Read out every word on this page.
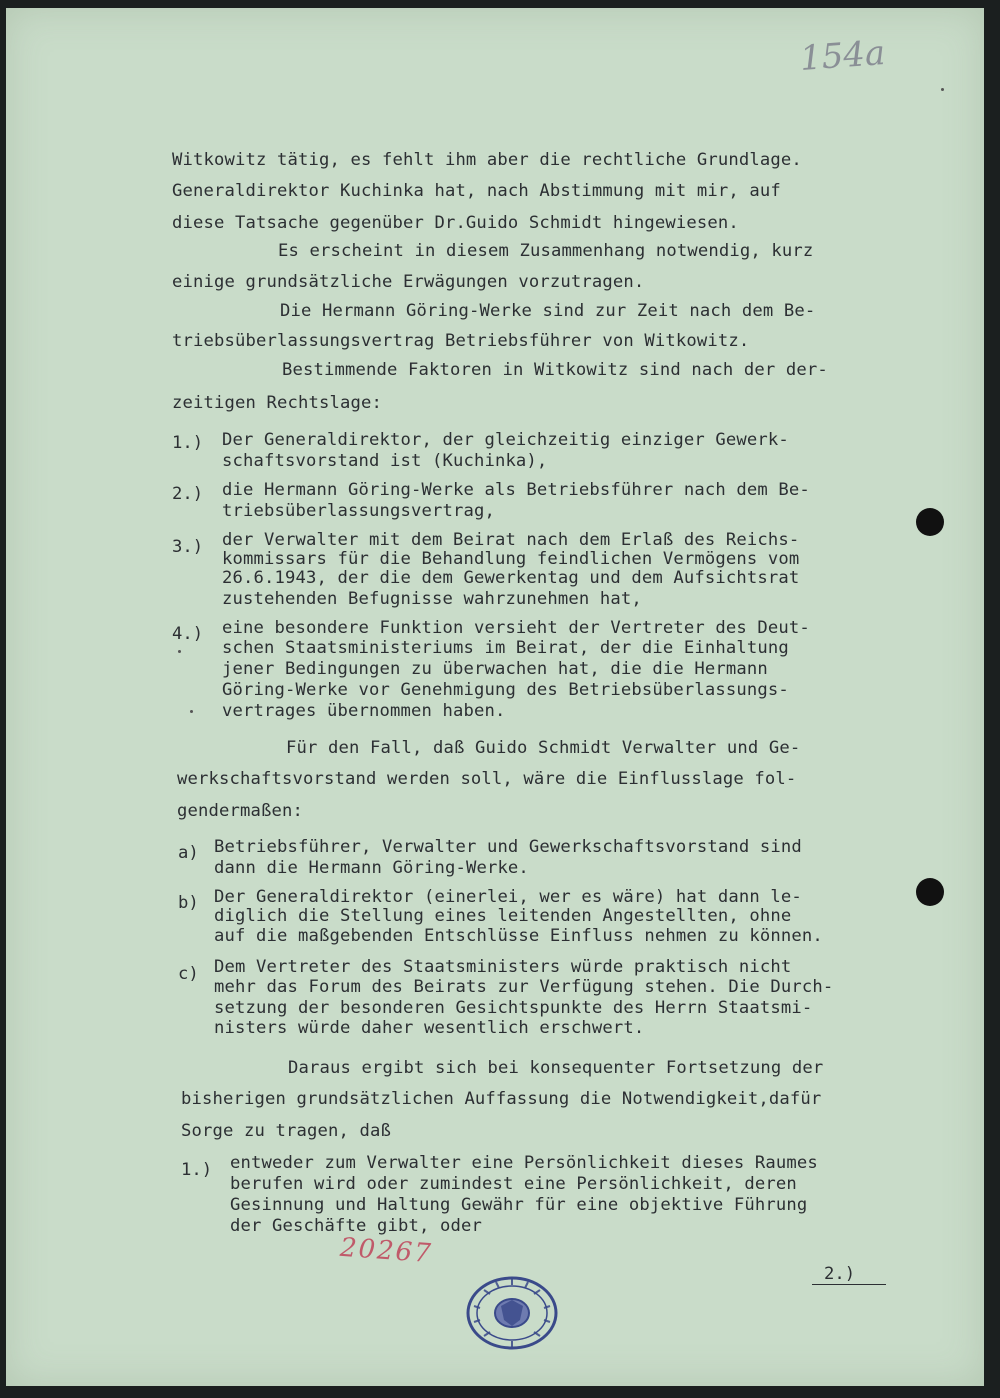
154a
Witkowitz tätig, es fehlt ihm aber die rechtliche Grundlage.
Generaldirektor Kuchinka hat, nach Abstimmung mit mir, auf
diese Tatsache gegenüber Dr.Guido Schmidt hingewiesen.
Es erscheint in diesem Zusammenhang notwendig, kurz
einige grundsätzliche Erwägungen vorzutragen.
Die Hermann Göring-Werke sind zur Zeit nach dem Be-
triebsüberlassungsvertrag Betriebsführer von Witkowitz.
Bestimmende Faktoren in Witkowitz sind nach der der-
zeitigen Rechtslage:
1.) Der Generaldirektor, der gleichzeitig einziger Gewerk-
schaftsvorstand ist (Kuchinka),
2.) die Hermann Göring-Werke als Betriebsführer nach dem Be-
triebsüberlassungsvertrag,
3.) der Verwalter mit dem Beirat nach dem Erlaß des Reichs-
kommissars für die Behandlung feindlichen Vermögens vom
26.6.1943, der die dem Gewerkentag und dem Aufsichtsrat
zustehenden Befugnisse wahrzunehmen hat,
4.) eine besondere Funktion versieht der Vertreter des Deut-
schen Staatsministeriums im Beirat, der die Einhaltung
jener Bedingungen zu überwachen hat, die die Hermann
Göring-Werke vor Genehmigung des Betriebsüberlassungs-
vertrages übernommen haben.
Für den Fall, daß Guido Schmidt Verwalter und Ge-
werkschaftsvorstand werden soll, wäre die Einflusslage fol-
gendermaßen:
a) Betriebsführer, Verwalter und Gewerkschaftsvorstand sind
dann die Hermann Göring-Werke.
b) Der Generaldirektor (einerlei, wer es wäre) hat dann le-
diglich die Stellung eines leitenden Angestellten, ohne
auf die maßgebenden Entschlüsse Einfluss nehmen zu können.
c) Dem Vertreter des Staatsministers würde praktisch nicht
mehr das Forum des Beirats zur Verfügung stehen. Die Durch-
setzung der besonderen Gesichtspunkte des Herrn Staatsmi-
nisters würde daher wesentlich erschwert.
Daraus ergibt sich bei konsequenter Fortsetzung der
bisherigen grundsätzlichen Auffassung die Notwendigkeit,dafür
Sorge zu tragen, daß
1.) entweder zum Verwalter eine Persönlichkeit dieses Raumes
berufen wird oder zumindest eine Persönlichkeit, deren
Gesinnung und Haltung Gewähr für eine objektive Führung
der Geschäfte gibt, oder
20267
2.)
